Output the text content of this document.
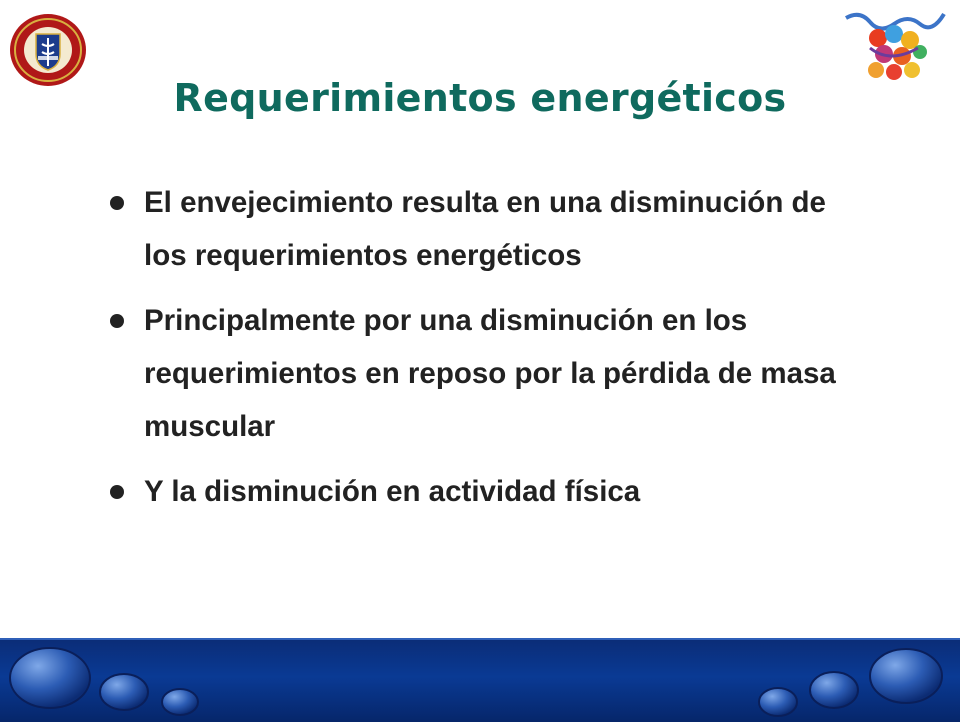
Requerimientos energéticos
El envejecimiento resulta en una disminución de los requerimientos energéticos
Principalmente por una disminución en los requerimientos en reposo por la pérdida de masa muscular
Y la disminución en actividad física
